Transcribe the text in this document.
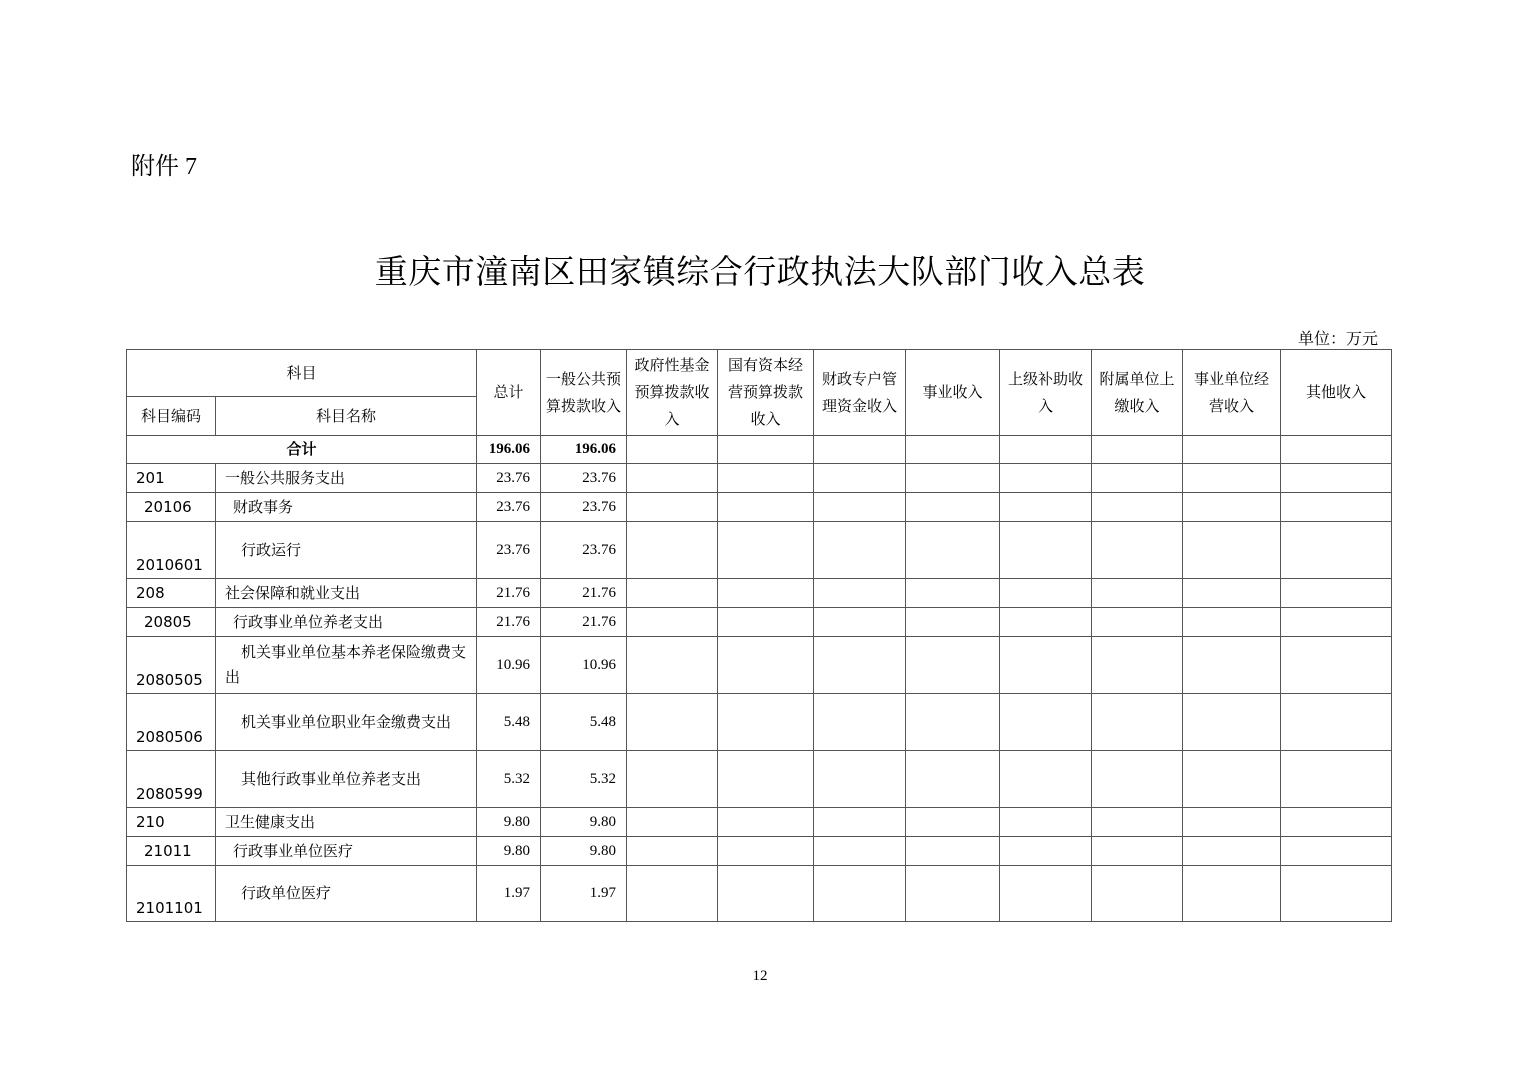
附件 7
重庆市潼南区田家镇综合行政执法大队部门收入总表
单位：万元
科目		总计	一般公共预算拨款收入	政府性基金预算拨款收入	国有资本经营预算拨款收入	财政专户管理资金收入	事业收入	上级补助收入	附属单位上缴收入	事业单位经营收入	其他收入
科目编码	科目名称										
合计		196.06	196.06								
201	一般公共服务支出	23.76	23.76								
20106	财政事务	23.76	23.76								
2010601	行政运行	23.76	23.76								
208	社会保障和就业支出	21.76	21.76								
20805	行政事业单位养老支出	21.76	21.76								
2080505	机关事业单位基本养老保险缴费支出	10.96	10.96								
2080506	机关事业单位职业年金缴费支出	5.48	5.48								
2080599	其他行政事业单位养老支出	5.32	5.32								
210	卫生健康支出	9.80	9.80								
21011	行政事业单位医疗	9.80	9.80								
2101101	行政单位医疗	1.97	1.97								
12
